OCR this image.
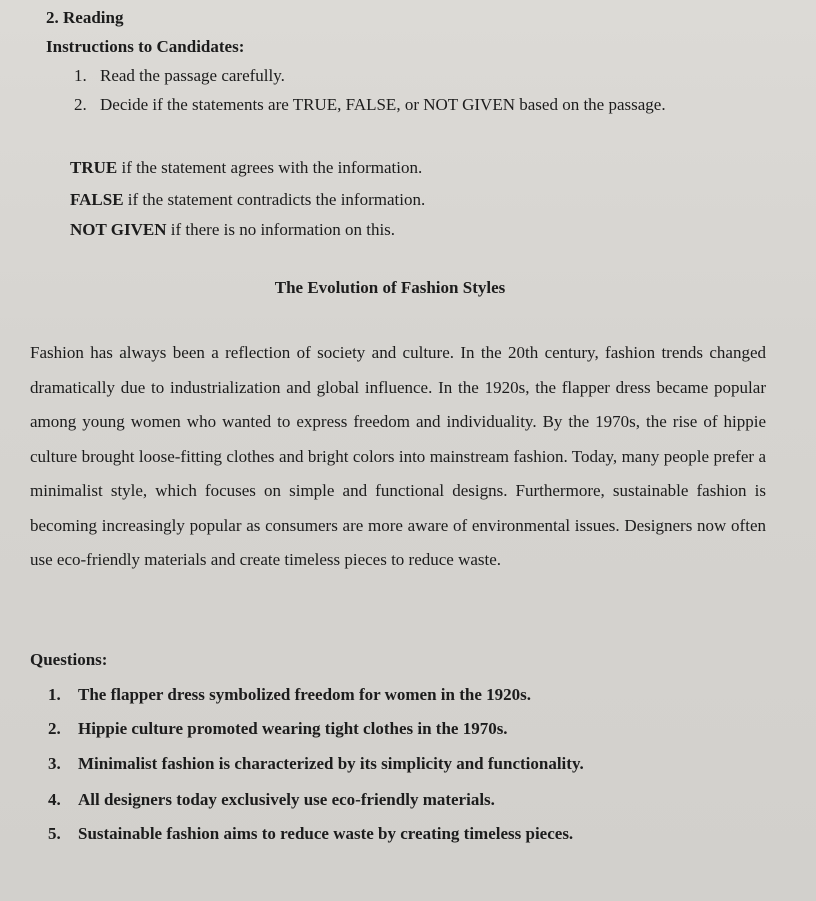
2. Reading
Instructions to Candidates:
1. Read the passage carefully.
2. Decide if the statements are TRUE, FALSE, or NOT GIVEN based on the passage.
TRUE if the statement agrees with the information.
FALSE if the statement contradicts the information.
NOT GIVEN if there is no information on this.
The Evolution of Fashion Styles
Fashion has always been a reflection of society and culture. In the 20th century, fashion trends changed dramatically due to industrialization and global influence. In the 1920s, the flapper dress became popular among young women who wanted to express freedom and individuality. By the 1970s, the rise of hippie culture brought loose-fitting clothes and bright colors into mainstream fashion. Today, many people prefer a minimalist style, which focuses on simple and functional designs. Furthermore, sustainable fashion is becoming increasingly popular as consumers are more aware of environmental issues. Designers now often use eco-friendly materials and create timeless pieces to reduce waste.
Questions:
1. The flapper dress symbolized freedom for women in the 1920s.
2. Hippie culture promoted wearing tight clothes in the 1970s.
3. Minimalist fashion is characterized by its simplicity and functionality.
4. All designers today exclusively use eco-friendly materials.
5. Sustainable fashion aims to reduce waste by creating timeless pieces.
